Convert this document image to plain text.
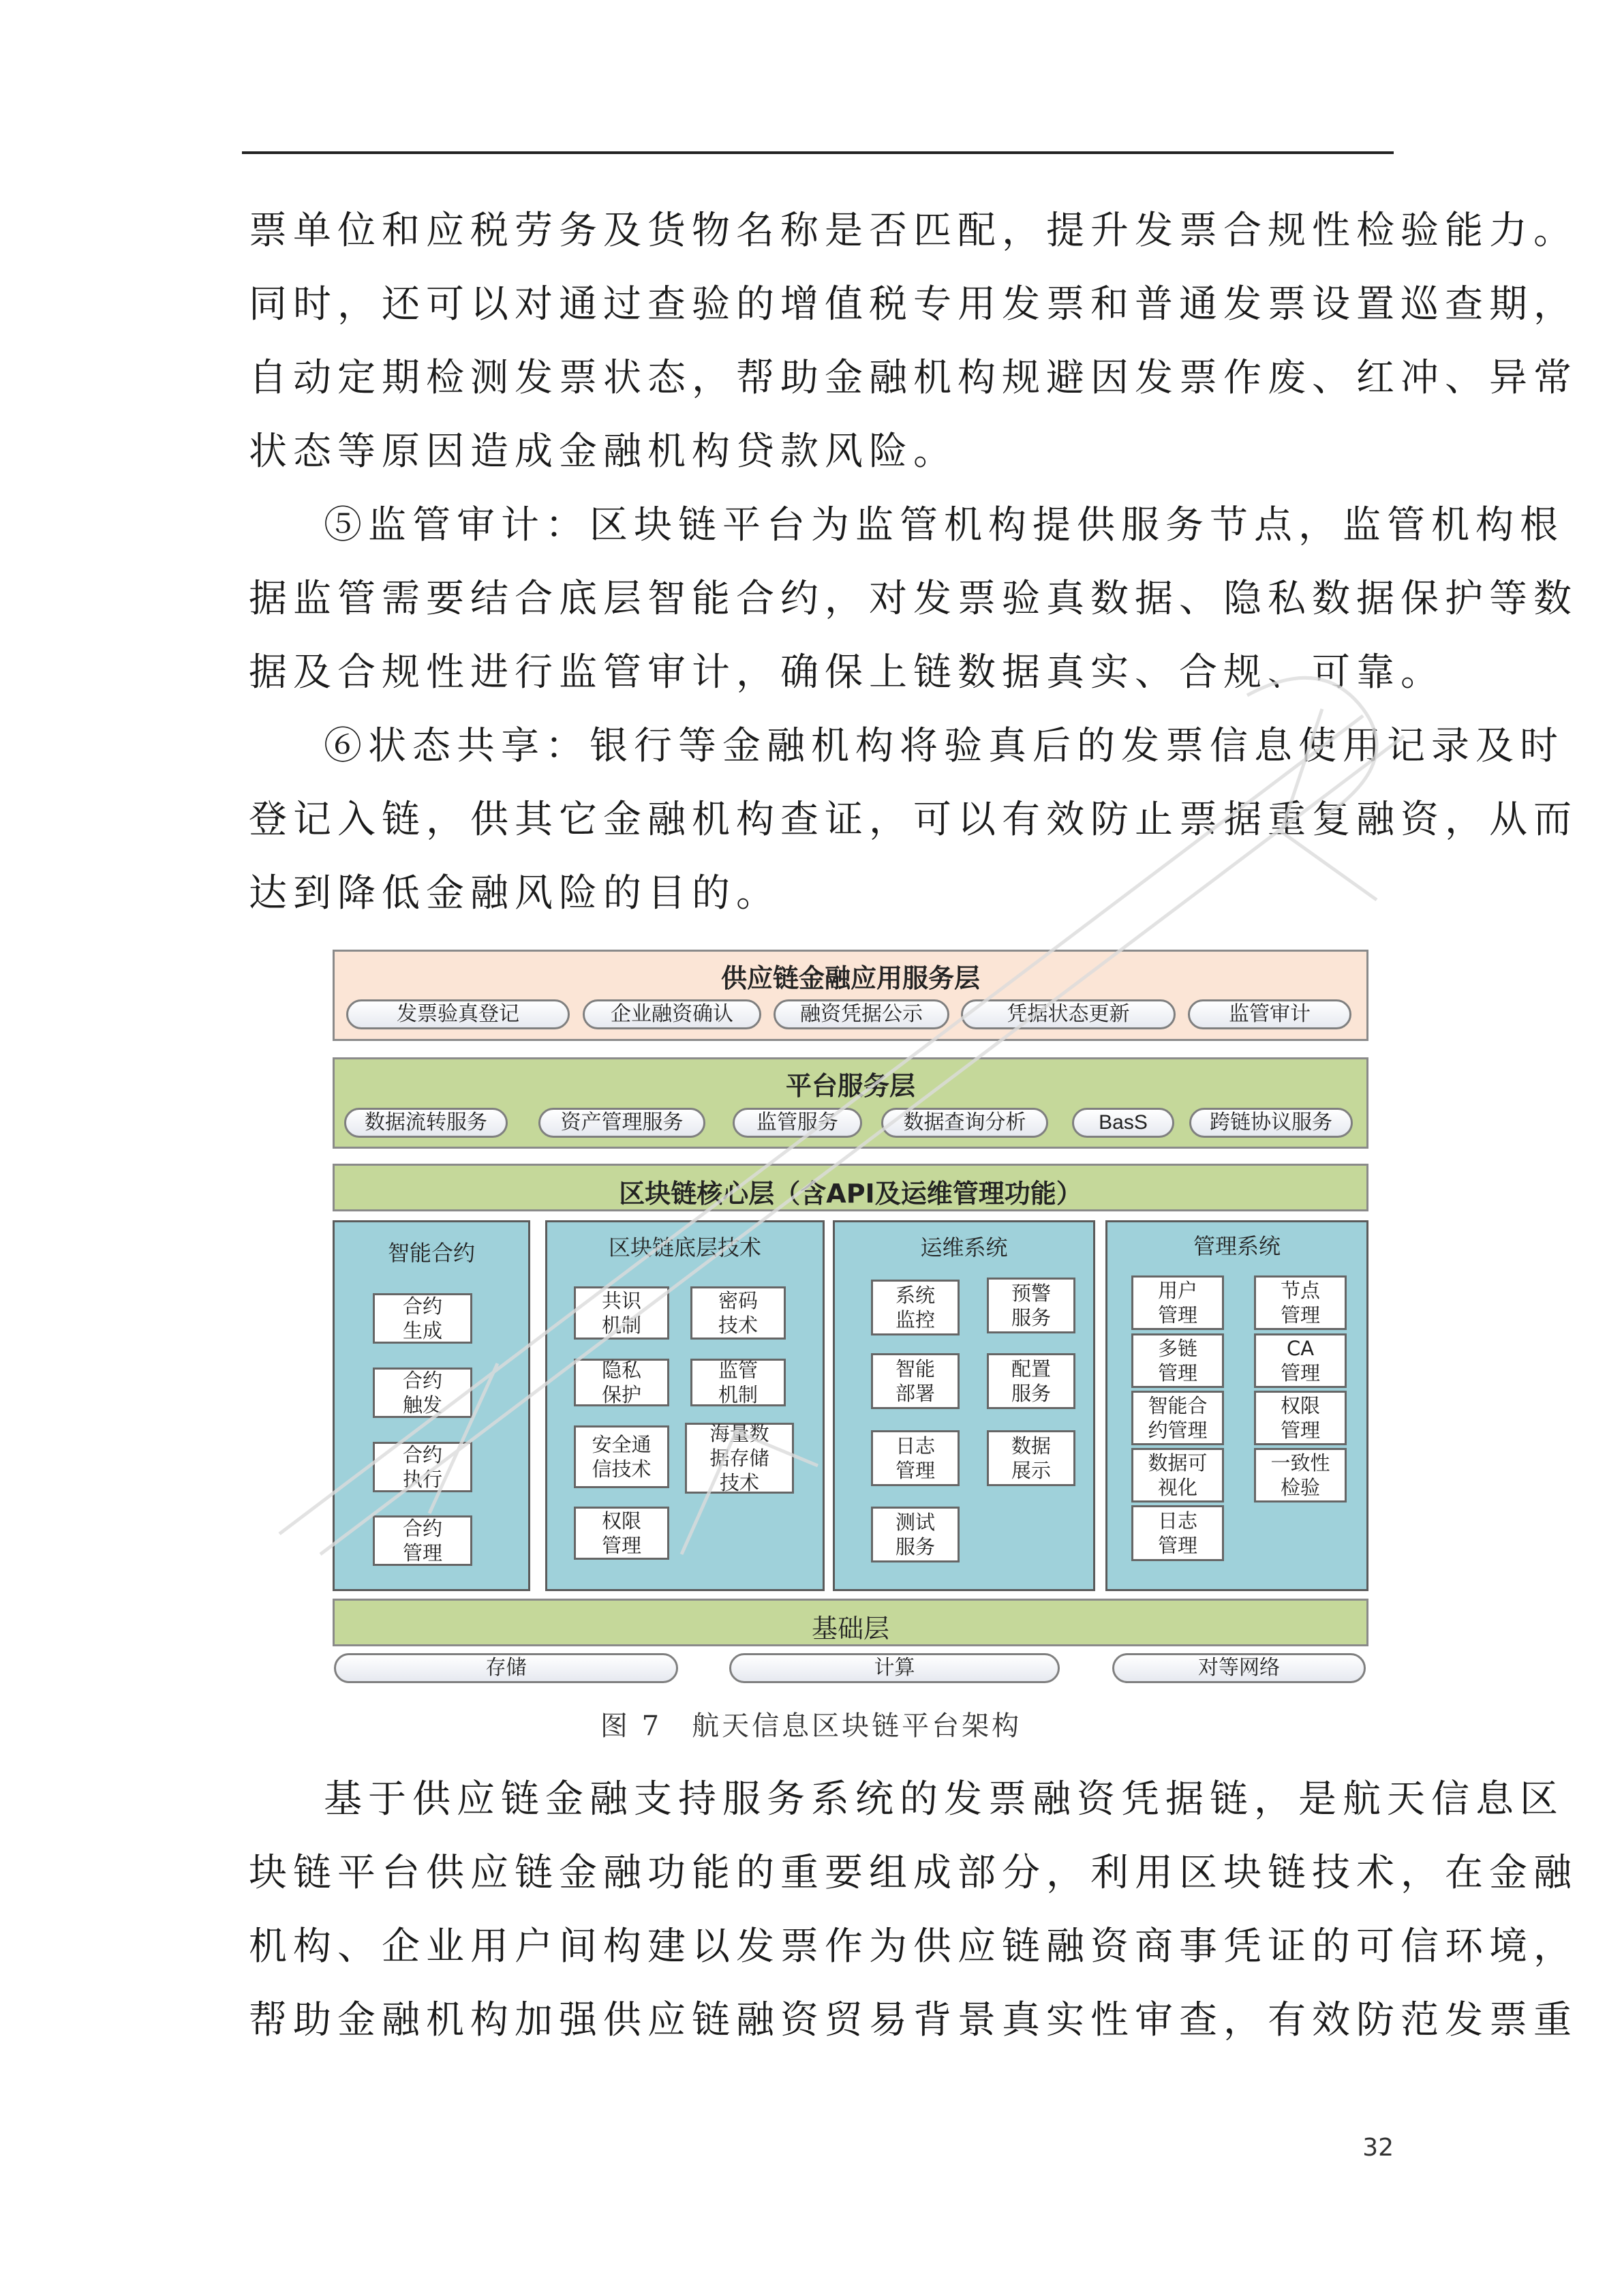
票单位和应税劳务及货物名称是否匹配，提升发票合规性检验能力。
同时，还可以对通过查验的增值税专用发票和普通发票设置巡查期，
自动定期检测发票状态，帮助金融机构规避因发票作废、红冲、异常
状态等原因造成金融机构贷款风险。
⑤监管审计：区块链平台为监管机构提供服务节点，监管机构根
据监管需要结合底层智能合约，对发票验真数据、隐私数据保护等数
据及合规性进行监管审计，确保上链数据真实、合规、可靠。
⑥状态共享：银行等金融机构将验真后的发票信息使用记录及时
登记入链，供其它金融机构查证，可以有效防止票据重复融资，从而
达到降低金融风险的目的。
供应链金融应用服务层
发票验真登记	企业融资确认	融资凭据公示	凭据状态更新	监管审计
平台服务层
数据流转服务	资产管理服务	监管服务	数据查询分析	BasS	跨链协议服务
区块链核心层（含API及运维管理功能）
智能合约
合约生成
合约触发
合约执行
合约管理
区块链底层技术
共识机制
密码技术
隐私保护
监管机制
安全通信技术
海量数据存储技术
权限管理
运维系统
系统监控
预警服务
智能部署
配置服务
日志管理
数据展示
测试服务
管理系统
用户管理
节点管理
多链管理
CA管理
智能合约管理
权限管理
数据可视化
一致性检验
日志管理
基础层
存储	计算	对等网络
图 7　航天信息区块链平台架构
基于供应链金融支持服务系统的发票融资凭据链，是航天信息区
块链平台供应链金融功能的重要组成部分，利用区块链技术，在金融
机构、企业用户间构建以发票作为供应链融资商事凭证的可信环境，
帮助金融机构加强供应链融资贸易背景真实性审查，有效防范发票重
32
